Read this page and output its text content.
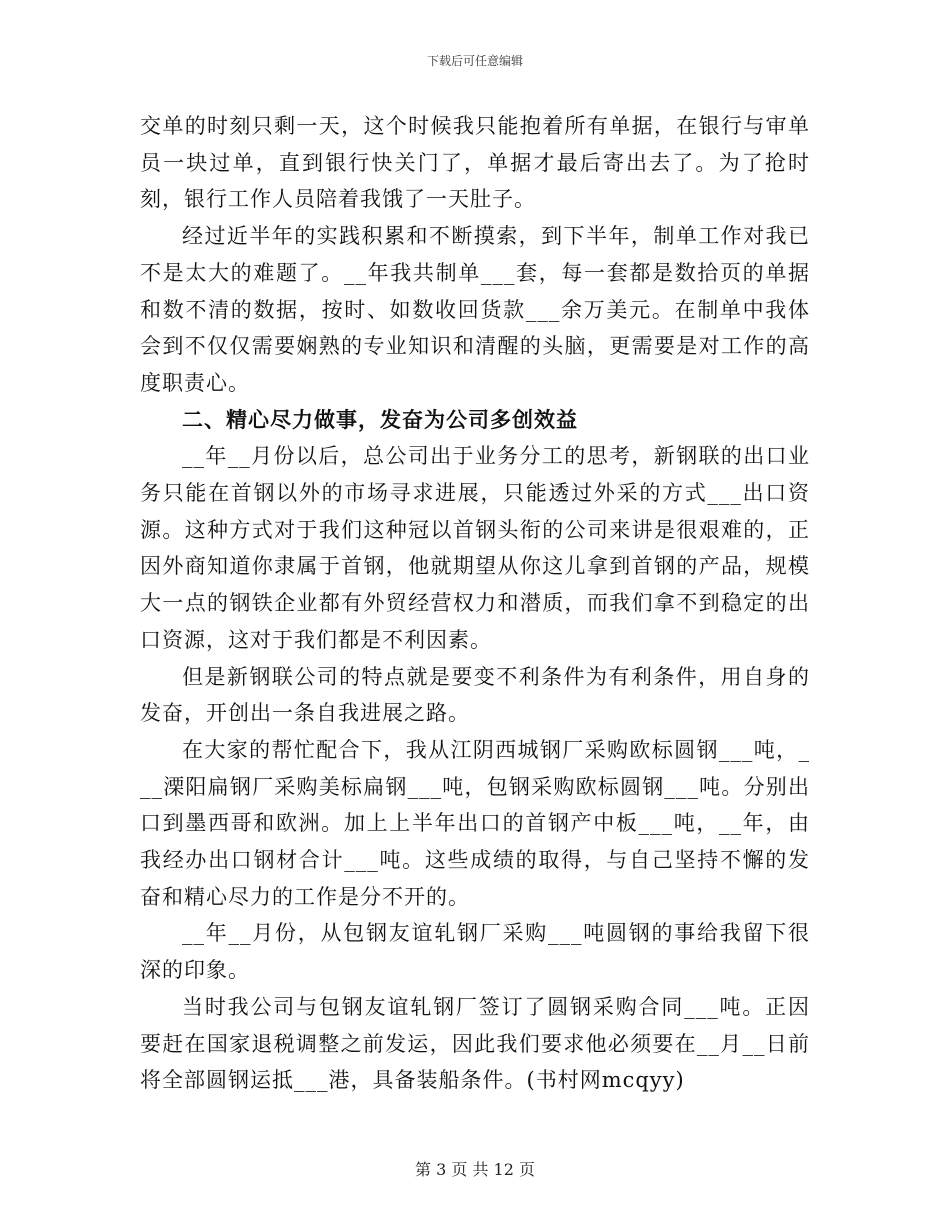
下载后可任意编辑

交单的时刻只剩一天，这个时候我只能抱着所有单据，在银行与审单员一块过单，直到银行快关门了，单据才最后寄出去了。为了抢时刻，银行工作人员陪着我饿了一天肚子。

经过近半年的实践积累和不断摸索，到下半年，制单工作对我已不是太大的难题了。__年我共制单___套，每一套都是数拾页的单据和数不清的数据，按时、如数收回货款___余万美元。在制单中我体会到不仅仅需要娴熟的专业知识和清醒的头脑，更需要是对工作的高度职责心。

二、精心尽力做事，发奋为公司多创效益

__年__月份以后，总公司出于业务分工的思考，新钢联的出口业务只能在首钢以外的市场寻求进展，只能透过外采的方式___出口资源。这种方式对于我们这种冠以首钢头衔的公司来讲是很艰难的，正因外商知道你隶属于首钢，他就期望从你这儿拿到首钢的产品，规模大一点的钢铁企业都有外贸经营权力和潜质，而我们拿不到稳定的出口资源，这对于我们都是不利因素。

但是新钢联公司的特点就是要变不利条件为有利条件，用自身的发奋，开创出一条自我进展之路。

在大家的帮忙配合下，我从江阴西城钢厂采购欧标圆钢___吨，___溧阳扁钢厂采购美标扁钢___吨，包钢采购欧标圆钢___吨。分别出口到墨西哥和欧洲。加上上半年出口的首钢产中板___吨，__年，由我经办出口钢材合计___吨。这些成绩的取得，与自己坚持不懈的发奋和精心尽力的工作是分不开的。

__年__月份，从包钢友谊轧钢厂采购___吨圆钢的事给我留下很深的印象。

当时我公司与包钢友谊轧钢厂签订了圆钢采购合同___吨。正因要赶在国家退税调整之前发运，因此我们要求他必须要在__月__日前将全部圆钢运抵___港，具备装船条件。(书村网mcqyy)

第 3 页 共 12 页
